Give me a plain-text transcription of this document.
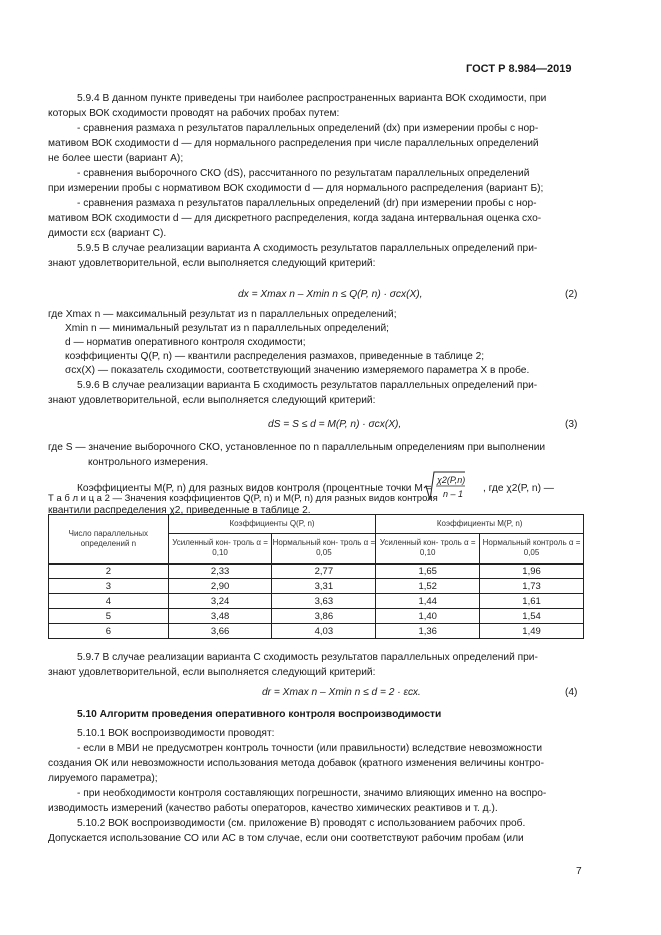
ГОСТ Р 8.984—2019
5.9.4 В данном пункте приведены три наиболее распространенных варианта ВОК сходимости, при
которых ВОК сходимости проводят на рабочих пробах путем:
- сравнения размаха n результатов параллельных определений (dx) при измерении пробы с нор-
мативом ВОК сходимости d — для нормального распределения при числе параллельных определений
не более шести (вариант А);
- сравнения выборочного СКО (dS), рассчитанного по результатам параллельных определений
при измерении пробы с нормативом ВОК сходимости d — для нормального распределения (вариант Б);
- сравнения размаха n результатов параллельных определений (dr) при измерении пробы с нор-
мативом ВОК сходимости d — для дискретного распределения, когда задана интервальная оценка схо-
димости εсх (вариант С).
5.9.5 В случае реализации варианта А сходимость результатов параллельных определений при-
знают удовлетворительной, если выполняется следующий критерий:
dx = Xmax n – Xmin n ≤ Q(P, n) · σcx(X),	(2)
где Xmax n — максимальный результат из n параллельных определений;
Xmin n — минимальный результат из n параллельных определений;
d — норматив оперативного контроля сходимости;
коэффициенты Q(P, n) — квантили распределения размахов, приведенные в таблице 2;
σcx(X) — показатель сходимости, соответствующий значению измеряемого параметра X в пробе.
5.9.6 В случае реализации варианта Б сходимость результатов параллельных определений при-
знают удовлетворительной, если выполняется следующий критерий:
dS = S ≤ d = M(P, n) · σcx(X),	(3)
где S — значение выборочного СКО, установленное по n параллельным определениям при выполнении
контрольного измерения.
Коэффициенты M(P, n) для разных видов контроля (процентные точки M =
χ2(P,n)
n – 1 , где χ2(P, n) —
квантили распределения χ2, приведенные в таблице 2.
Т а б л и ц а 2 — Значения коэффициентов Q(P, n) и M(P, n) для разных видов контроля
Число параллельных определений n	Коэффициенты Q(P, n)		Коэффициенты M(P, n)	
	Усиленный кон- троль α = 0,10	Нормальный кон- троль α = 0,05	Усиленный кон- троль α = 0,10	Нормальный контроль α = 0,05
2	2,33	2,77	1,65	1,96
3	2,90	3,31	1,52	1,73
4	3,24	3,63	1,44	1,61
5	3,48	3,86	1,40	1,54
6	3,66	4,03	1,36	1,49
5.9.7 В случае реализации варианта С сходимость результатов параллельных определений при-
знают удовлетворительной, если выполняется следующий критерий:
dr = Xmax n – Xmin n ≤ d = 2 · εсх.	(4)
5.10 Алгоритм проведения оперативного контроля воспроизводимости
5.10.1 ВОК воспроизводимости проводят:
- если в МВИ не предусмотрен контроль точности (или правильности) вследствие невозможности
создания ОК или невозможности использования метода добавок (кратного изменения величины контро-
лируемого параметра);
- при необходимости контроля составляющих погрешности, значимо влияющих именно на воспро-
изводимость измерений (качество работы операторов, качество химических реактивов и т. д.).
5.10.2 ВОК воспроизводимости (см. приложение В) проводят с использованием рабочих проб.
Допускается использование СО или АС в том случае, если они соответствуют рабочим пробам (или
7
